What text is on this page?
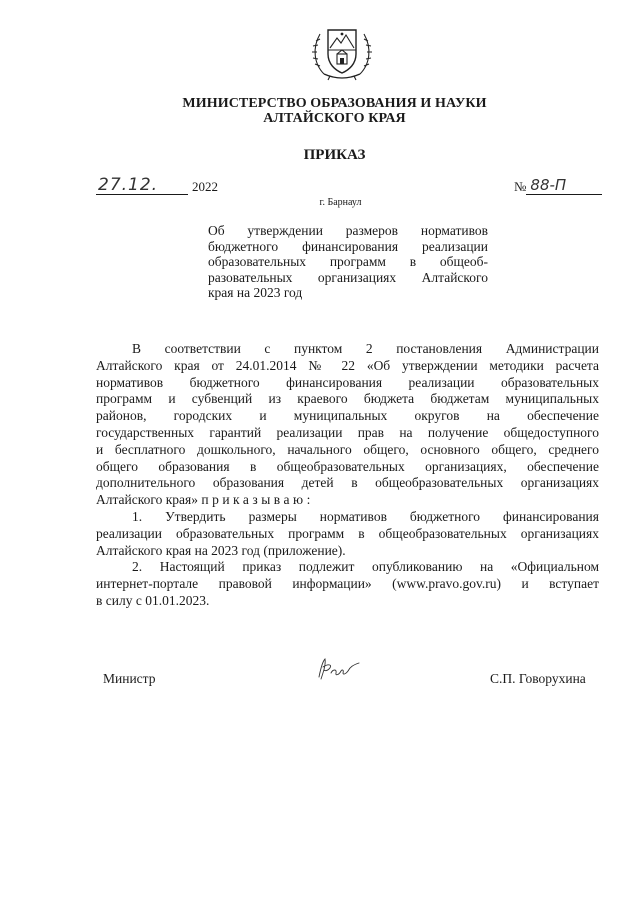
МИНИСТЕРСТВО ОБРАЗОВАНИЯ И НАУКИ
АЛТАЙСКОГО КРАЯ
ПРИКАЗ
27.12.	2022	№ 88-П
г. Барнаул
Об утверждении размеров нормативов
бюджетного финансирования реализации
образовательных программ в общеоб-
разовательных организациях Алтайского
края на 2023 год
В соответствии с пунктом 2 постановления Администрации
Алтайского края от 24.01.2014 № 22 «Об утверждении методики расчета
нормативов бюджетного финансирования реализации образовательных
программ и субвенций из краевого бюджета бюджетам муниципальных
районов, городских и муниципальных округов на обеспечение
государственных гарантий реализации прав на получение общедоступного
и бесплатного дошкольного, начального общего, основного общего, среднего
общего образования в общеобразовательных организациях, обеспечение
дополнительного образования детей в общеобразовательных организациях
Алтайского края» приказываю:
1. Утвердить размеры нормативов бюджетного финансирования
реализации образовательных программ в общеобразовательных организациях
Алтайского края на 2023 год (приложение).
2. Настоящий приказ подлежит опубликованию на «Официальном
интернет-портале правовой информации» (www.pravo.gov.ru) и вступает
в силу с 01.01.2023.
Министр	С.П. Говорухина
